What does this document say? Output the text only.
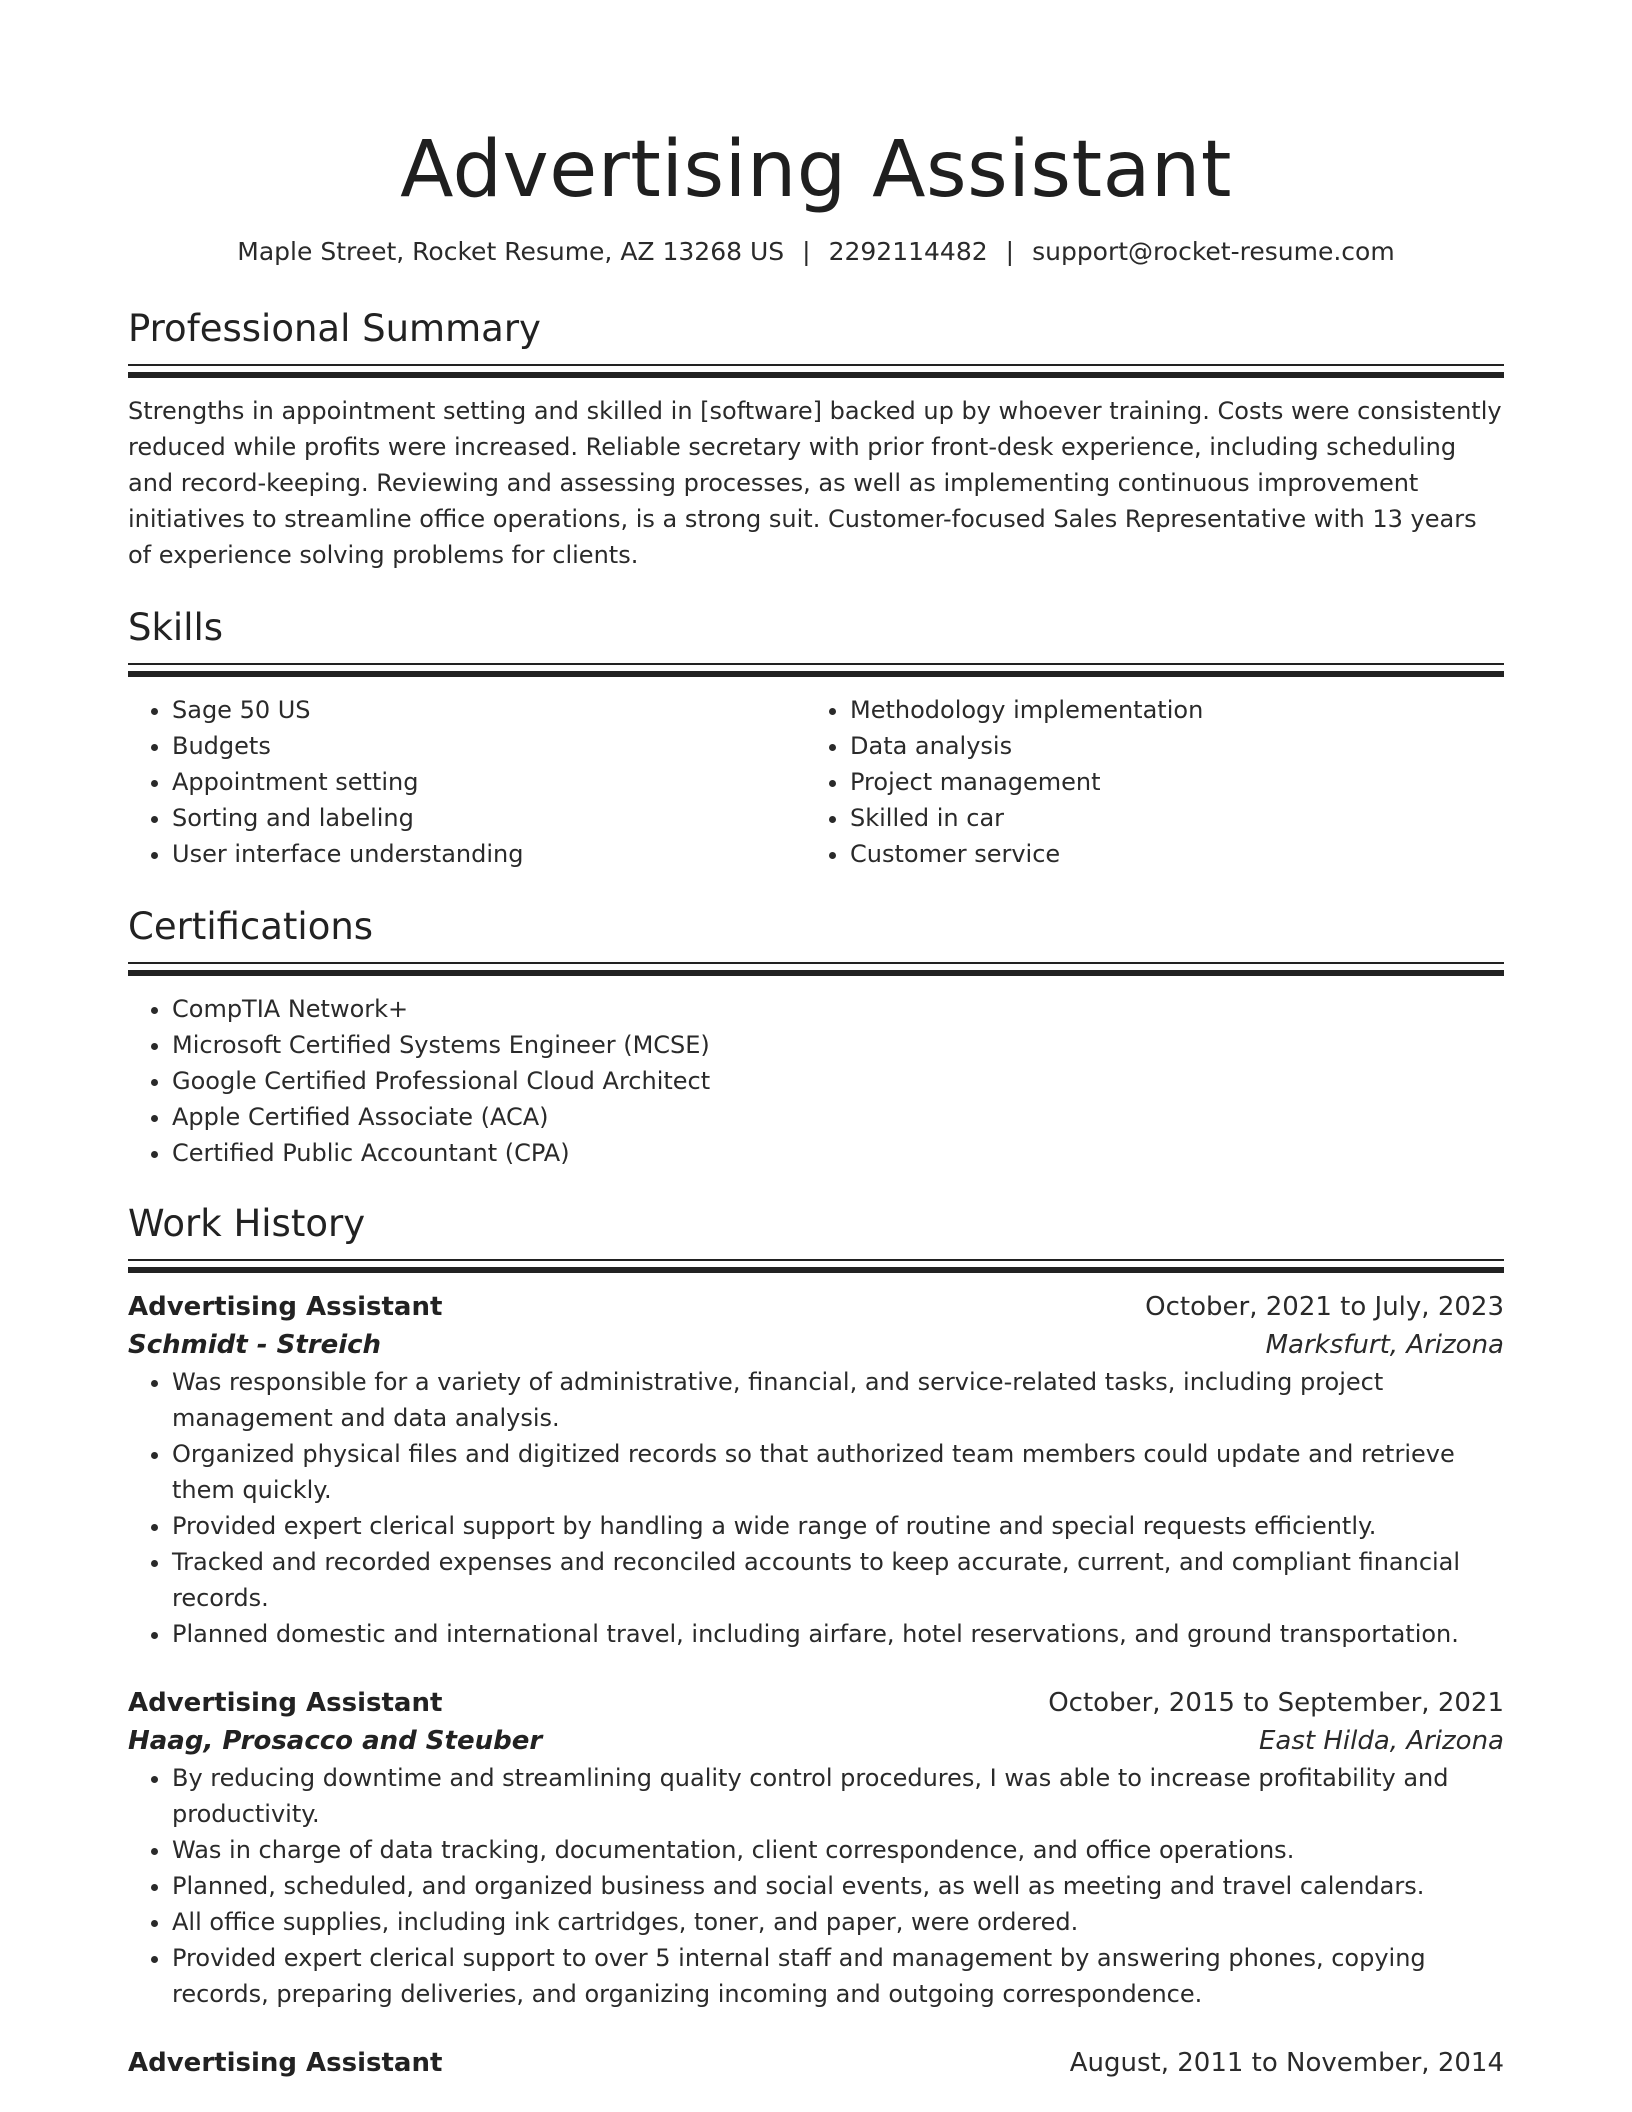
Advertising Assistant
Maple Street, Rocket Resume, AZ 13268 US | 2292114482 | support@rocket-resume.com
Professional Summary
Strengths in appointment setting and skilled in [software] backed up by whoever training. Costs were consistently reduced while profits were increased. Reliable secretary with prior front-desk experience, including scheduling and record-keeping. Reviewing and assessing processes, as well as implementing continuous improvement initiatives to streamline office operations, is a strong suit. Customer-focused Sales Representative with 13 years of experience solving problems for clients.
Skills
• Sage 50 US
• Budgets
• Appointment setting
• Sorting and labeling
• User interface understanding
• Methodology implementation
• Data analysis
• Project management
• Skilled in car
• Customer service
Certifications
• CompTIA Network+
• Microsoft Certified Systems Engineer (MCSE)
• Google Certified Professional Cloud Architect
• Apple Certified Associate (ACA)
• Certified Public Accountant (CPA)
Work History
Advertising Assistant	October, 2021 to July, 2023
Schmidt - Streich	Marksfurt, Arizona
• Was responsible for a variety of administrative, financial, and service-related tasks, including project management and data analysis.
• Organized physical files and digitized records so that authorized team members could update and retrieve them quickly.
• Provided expert clerical support by handling a wide range of routine and special requests efficiently.
• Tracked and recorded expenses and reconciled accounts to keep accurate, current, and compliant financial records.
• Planned domestic and international travel, including airfare, hotel reservations, and ground transportation.
Advertising Assistant	October, 2015 to September, 2021
Haag, Prosacco and Steuber	East Hilda, Arizona
• By reducing downtime and streamlining quality control procedures, I was able to increase profitability and productivity.
• Was in charge of data tracking, documentation, client correspondence, and office operations.
• Planned, scheduled, and organized business and social events, as well as meeting and travel calendars.
• All office supplies, including ink cartridges, toner, and paper, were ordered.
• Provided expert clerical support to over 5 internal staff and management by answering phones, copying records, preparing deliveries, and organizing incoming and outgoing correspondence.
Advertising Assistant	August, 2011 to November, 2014
